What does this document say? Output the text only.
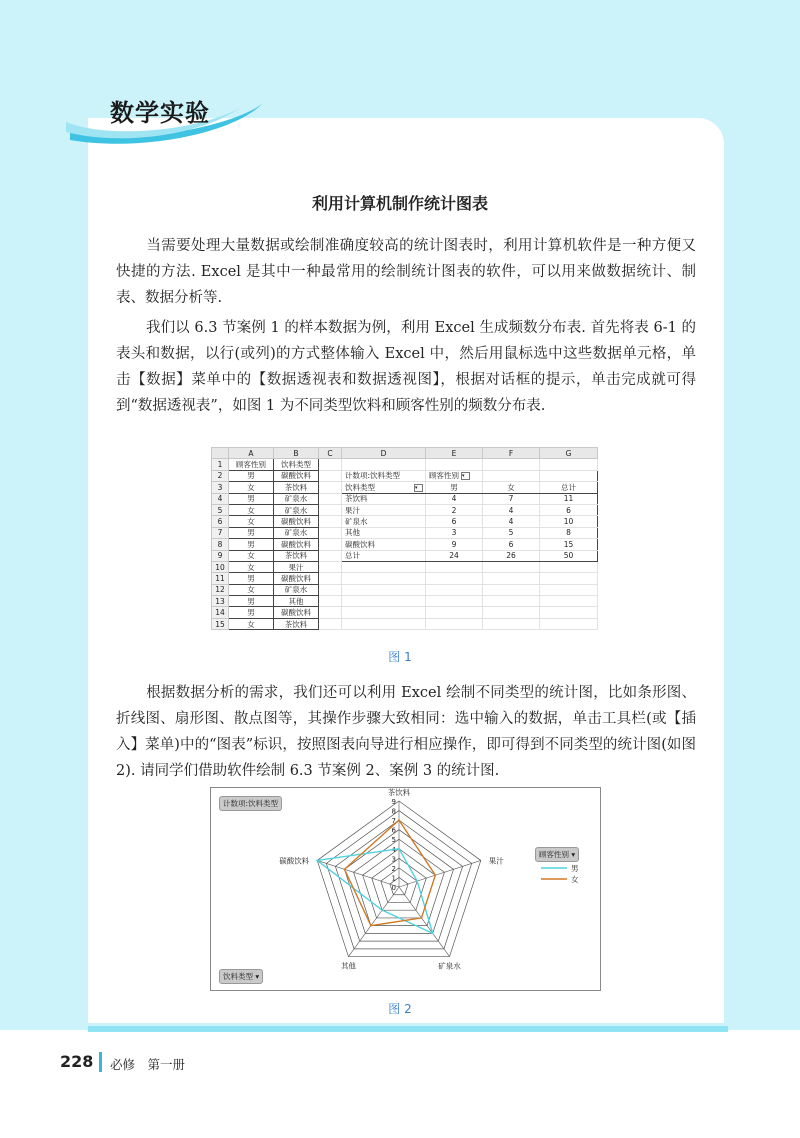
数学实验
利用计算机制作统计图表

当需要处理大量数据或绘制准确度较高的统计图表时，利用计算机软件是一种方便又快捷的方法. Excel 是其中一种最常用的绘制统计图表的软件，可以用来做数据统计、制表、数据分析等.

我们以 6.3 节案例 1 的样本数据为例，利用 Excel 生成频数分布表. 首先将表 6-1 的表头和数据，以行(或列)的方式整体输入 Excel 中，然后用鼠标选中这些数据单元格，单击【数据】菜单中的【数据透视表和数据透视图】，根据对话框的提示，单击完成就可得到“数据透视表”，如图 1 为不同类型饮料和顾客性别的频数分布表.

	A	B	C	D	E	F	G
1	顾客性别	饮料类型					
2	男	碳酸饮料		计数项:饮料类型	顾客性别 ▾		
3	女	茶饮料		饮料类型 ▾	男	女	总计
4	男	矿泉水		茶饮料	4	7	11
5	女	矿泉水		果汁	2	4	6
6	女	碳酸饮料		矿泉水	6	4	10
7	男	矿泉水		其他	3	5	8
8	男	碳酸饮料		碳酸饮料	9	6	15
9	女	茶饮料		总计	24	26	50
10	女	果汁					
11	男	碳酸饮料					
12	女	矿泉水					
13	男	其他					
14	男	碳酸饮料					
15	女	茶饮料					
图 1

根据数据分析的需求，我们还可以利用 Excel 绘制不同类型的统计图，比如条形图、折线图、扇形图、散点图等，其操作步骤大致相同：选中输入的数据，单击工具栏(或【插入】菜单)中的“图表”标识，按照图表向导进行相应操作，即可得到不同类型的统计图(如图 2). 请同学们借助软件绘制 6.3 节案例 2、案例 3 的统计图.

0
1
2
3
4
5
6
7
8
9
茶饮料
果汁
矿泉水
其他
碳酸饮料
男
女
计数项:饮料类型
饮料类型 ▾
顾客性别 ▾
图 2
228 必修　第一册
